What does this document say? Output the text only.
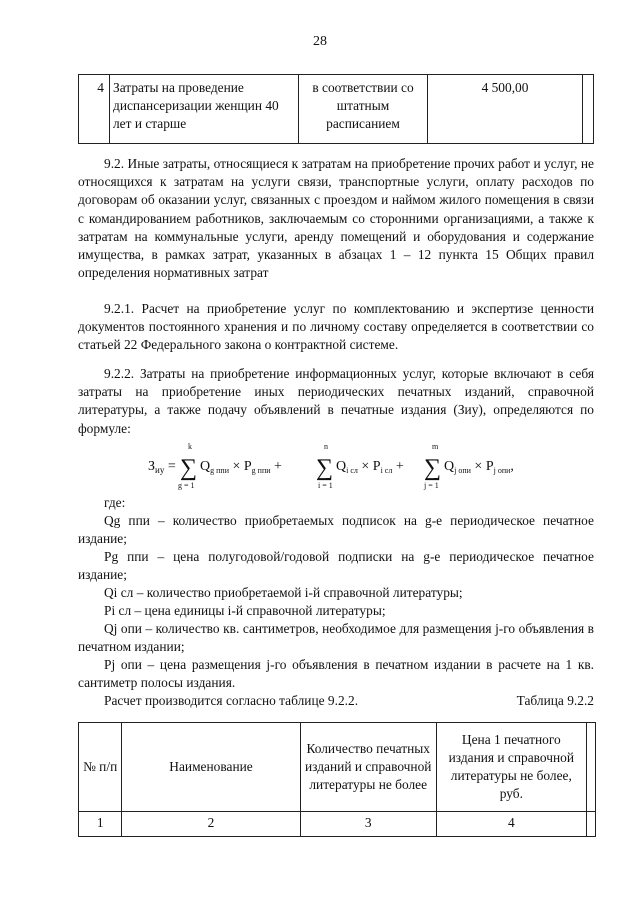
28
4	Затраты на проведение диспансеризации женщин 40 лет и старше	в соответствии со штатным расписанием	4 500,00	
9.2. Иные затраты, относящиеся к затратам на приобретение прочих работ и услуг, не относящихся к затратам на услуги связи, транспортные услуги, оплату расходов по договорам об оказании услуг, связанных с проездом и наймом жилого помещения в связи с командированием работников, заключаемым со сторонними организациями, а также к затратам на коммунальные услуги, аренду помещений и оборудования и содержание имущества, в рамках затрат, указанных в абзацах 1 – 12 пункта 15 Общих правил определения нормативных затрат
9.2.1. Расчет на приобретение услуг по комплектованию и экспертизе ценности документов постоянного хранения и по личному составу определяется в соответствии со статьей 22 Федерального закона о контрактной системе.
9.2.2. Затраты на приобретение информационных услуг, которые включают в себя затраты на приобретение иных периодических печатных изданий, справочной литературы, а также подачу объявлений в печатные издания (Зиу), определяются по формуле:
$З_{иу}$ =
k
∑
g = 1
$Q_{g ппи} \times P_{g ппи}$ +
n
∑
i = 1
$Q_{i сл} \times P_{i сл}$ +
m
∑
j = 1
$Q_{j опи} \times P_{j опи}$,
где:
Qg ппи – количество приобретаемых подписок на g-е периодическое печатное издание;
Pg ппи – цена полугодовой/годовой подписки на g-е периодическое печатное издание;
Qi сл – количество приобретаемой i-й справочной литературы;
Pi сл – цена единицы i-й справочной литературы;
Qj опи – количество кв. сантиметров, необходимое для размещения j-го объявления в печатном издании;
Pj опи – цена размещения j-го объявления в печатном издании в расчете на 1 кв. сантиметр полосы издания.
Расчет производится согласно таблице 9.2.2.	Таблица 9.2.2
№ п/п	Наименование	Количество печатных изданий и справочной литературы не более	Цена 1 печатного издания и справочной литературы не более, руб.	
1	2	3	4	
